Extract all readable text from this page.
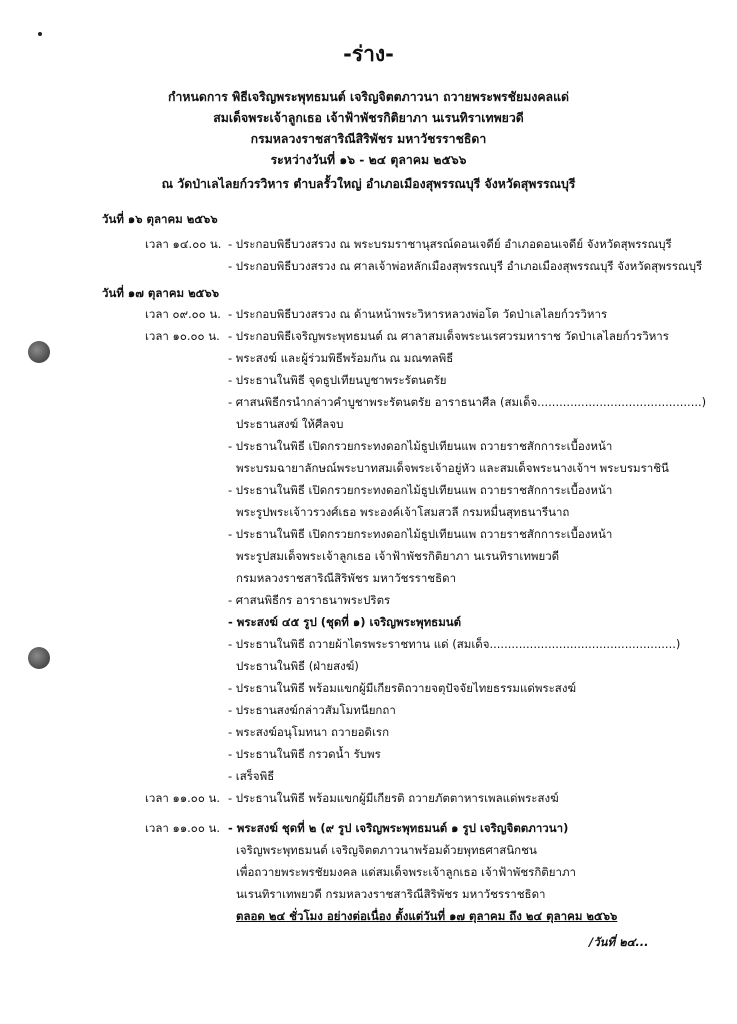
-ร่าง-
กำหนดการ พิธีเจริญพระพุทธมนต์ เจริญจิตตภาวนา ถวายพระพรชัยมงคลแด่
สมเด็จพระเจ้าลูกเธอ เจ้าฟ้าพัชรกิติยาภา นเรนทิราเทพยวดี
กรมหลวงราชสาริณีสิริพัชร มหาวัชรราชธิดา
ระหว่างวันที่ ๑๖ - ๒๔ ตุลาคม ๒๕๖๖
ณ วัดป่าเลไลยก์วรวิหาร ตำบลรั้วใหญ่ อำเภอเมืองสุพรรณบุรี จังหวัดสุพรรณบุรี
วันที่ ๑๖ ตุลาคม ๒๕๖๖
เวลา ๑๔.๐๐ น. - ประกอบพิธีบวงสรวง ณ พระบรมราชานุสรณ์ดอนเจดีย์ อำเภอดอนเจดีย์ จังหวัดสุพรรณบุรี
- ประกอบพิธีบวงสรวง ณ ศาลเจ้าพ่อหลักเมืองสุพรรณบุรี อำเภอเมืองสุพรรณบุรี จังหวัดสุพรรณบุรี
วันที่ ๑๗ ตุลาคม ๒๕๖๖
เวลา ๐๙.๐๐ น. - ประกอบพิธีบวงสรวง ณ ด้านหน้าพระวิหารหลวงพ่อโต วัดป่าเลไลยก์วรวิหาร
เวลา ๑๐.๐๐ น. - ประกอบพิธีเจริญพระพุทธมนต์ ณ ศาลาสมเด็จพระนเรศวรมหาราช วัดป่าเลไลยก์วรวิหาร
- พระสงฆ์ และผู้ร่วมพิธีพร้อมกัน ณ มณฑลพิธี
- ประธานในพิธี จุดธูปเทียนบูชาพระรัตนตรัย
- ศาสนพิธีกรนำกล่าวคำบูชาพระรัตนตรัย อาราธนาศีล (สมเด็จ.............................................)
ประธานสงฆ์ ให้ศีลจบ
- ประธานในพิธี เปิดกรวยกระทงดอกไม้ธูปเทียนแพ ถวายราชสักการะเบื้องหน้า
พระบรมฉายาลักษณ์พระบาทสมเด็จพระเจ้าอยู่หัว และสมเด็จพระนางเจ้าฯ พระบรมราชินี
- ประธานในพิธี เปิดกรวยกระทงดอกไม้ธูปเทียนแพ ถวายราชสักการะเบื้องหน้า
พระรูปพระเจ้าวรวงศ์เธอ พระองค์เจ้าโสมสวลี กรมหมื่นสุทธนารีนาถ
- ประธานในพิธี เปิดกรวยกระทงดอกไม้ธูปเทียนแพ ถวายราชสักการะเบื้องหน้า
พระรูปสมเด็จพระเจ้าลูกเธอ เจ้าฟ้าพัชรกิติยาภา นเรนทิราเทพยวดี
กรมหลวงราชสาริณีสิริพัชร มหาวัชรราชธิดา
- ศาสนพิธีกร อาราธนาพระปริตร
- พระสงฆ์ ๔๕ รูป (ชุดที่ ๑) เจริญพระพุทธมนต์
- ประธานในพิธี ถวายผ้าไตรพระราชทาน แด่ (สมเด็จ...................................................)
ประธานในพิธี (ฝ่ายสงฆ์)
- ประธานในพิธี พร้อมแขกผู้มีเกียรติถวายจตุปัจจัยไทยธรรมแด่พระสงฆ์
- ประธานสงฆ์กล่าวสัมโมทนียกถา
- พระสงฆ์อนุโมทนา ถวายอดิเรก
- ประธานในพิธี กรวดน้ำ รับพร
- เสร็จพิธี
เวลา ๑๑.๐๐ น. - ประธานในพิธี พร้อมแขกผู้มีเกียรติ ถวายภัตตาหารเพลแด่พระสงฆ์
เวลา ๑๑.๐๐ น. - พระสงฆ์ ชุดที่ ๒ (๙ รูป เจริญพระพุทธมนต์ ๑ รูป เจริญจิตตภาวนา)
เจริญพระพุทธมนต์ เจริญจิตตภาวนาพร้อมด้วยพุทธศาสนิกชน
เพื่อถวายพระพรชัยมงคล แด่สมเด็จพระเจ้าลูกเธอ เจ้าฟ้าพัชรกิติยาภา
นเรนทิราเทพยวดี กรมหลวงราชสาริณีสิริพัชร มหาวัชรราชธิดา
ตลอด ๒๔ ชั่วโมง อย่างต่อเนื่อง ตั้งแต่วันที่ ๑๗ ตุลาคม ถึง ๒๔ ตุลาคม ๒๕๖๖
/วันที่ ๒๔...
